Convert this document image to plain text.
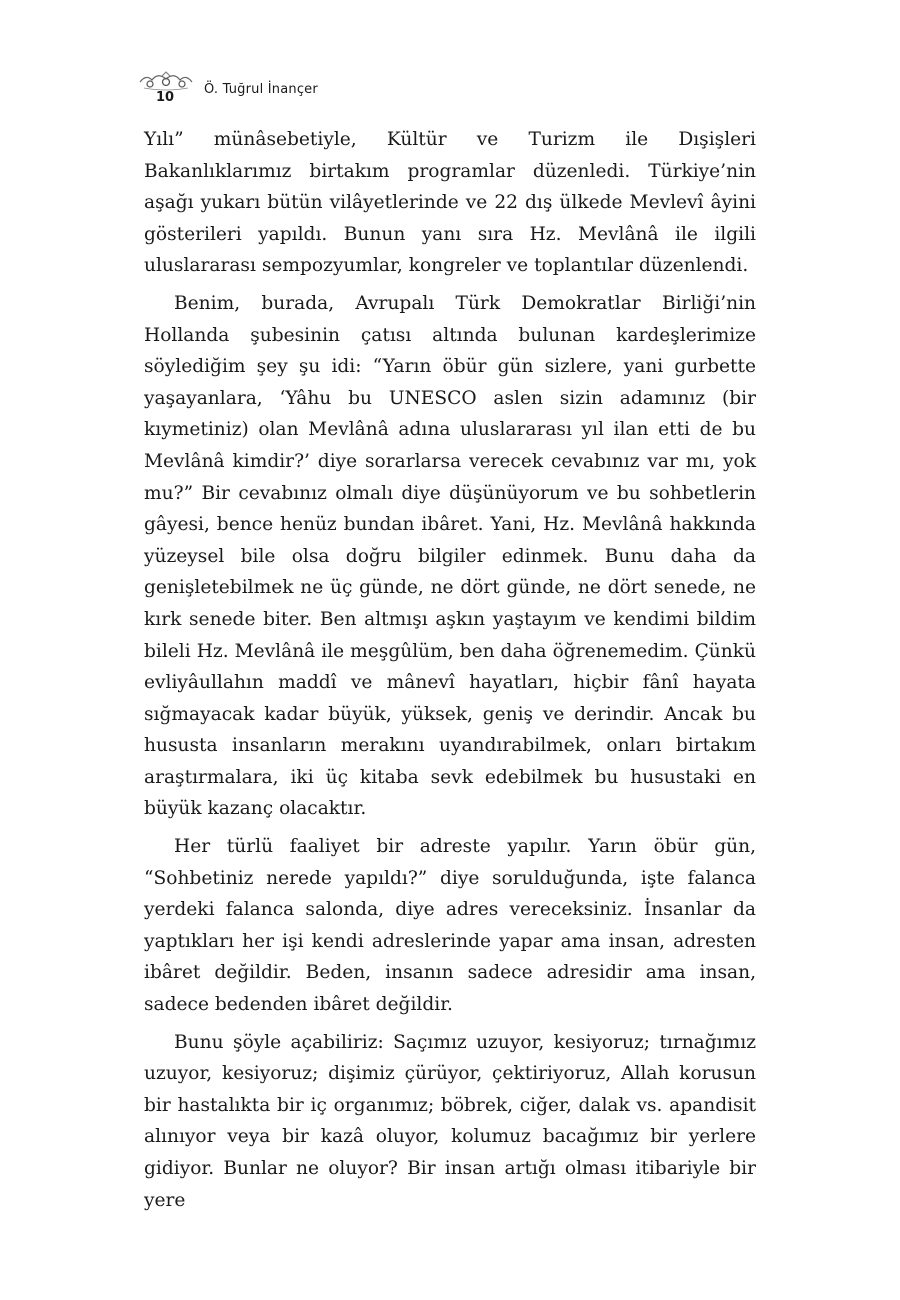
10
Ö. Tuğrul İnançer

Yılı” münâsebetiyle, Kültür ve Turizm ile Dışişleri Bakanlıklarımız birtakım programlar düzenledi. Türkiye’nin aşağı yukarı bütün vilâyetlerinde ve 22 dış ülkede Mevlevî âyini gösterileri yapıldı. Bunun yanı sıra Hz. Mevlânâ ile ilgili uluslararası sempozyumlar, kongreler ve toplantılar düzenlendi.

Benim, burada, Avrupalı Türk Demokratlar Birliği’nin Hollanda şubesinin çatısı altında bulunan kardeşlerimize söylediğim şey şu idi: “Yarın öbür gün sizlere, yani gurbette yaşayanlara, ‘Yâhu bu UNESCO aslen sizin adamınız (bir kıymetiniz) olan Mevlânâ adına uluslararası yıl ilan etti de bu Mevlânâ kimdir?’ diye sorarlarsa verecek cevabınız var mı, yok mu?” Bir cevabınız olmalı diye düşünüyorum ve bu sohbetlerin gâyesi, bence henüz bundan ibâret. Yani, Hz. Mevlânâ hakkında yüzeysel bile olsa doğru bilgiler edinmek. Bunu daha da genişletebilmek ne üç günde, ne dört günde, ne dört senede, ne kırk senede biter. Ben altmışı aşkın yaştayım ve kendimi bildim bileli Hz. Mevlânâ ile meşgûlüm, ben daha öğrenemedim. Çünkü evliyâullahın maddî ve mânevî hayatları, hiçbir fânî hayata sığmayacak kadar büyük, yüksek, geniş ve derindir. Ancak bu hususta insanların merakını uyandırabilmek, onları birtakım araştırmalara, iki üç kitaba sevk edebilmek bu husustaki en büyük kazanç olacaktır.

Her türlü faaliyet bir adreste yapılır. Yarın öbür gün, “Sohbetiniz nerede yapıldı?” diye sorulduğunda, işte falanca yerdeki falanca salonda, diye adres vereceksiniz. İnsanlar da yaptıkları her işi kendi adreslerinde yapar ama insan, adresten ibâret değildir. Beden, insanın sadece adresidir ama insan, sadece bedenden ibâret değildir.

Bunu şöyle açabiliriz: Saçımız uzuyor, kesiyoruz; tırnağımız uzuyor, kesiyoruz; dişimiz çürüyor, çektiriyoruz, Allah korusun bir hastalıkta bir iç organımız; böbrek, ciğer, dalak vs. apandisit alınıyor veya bir kazâ oluyor, kolumuz bacağımız bir yerlere gidiyor. Bunlar ne oluyor? Bir insan artığı olması itibariyle bir yere
